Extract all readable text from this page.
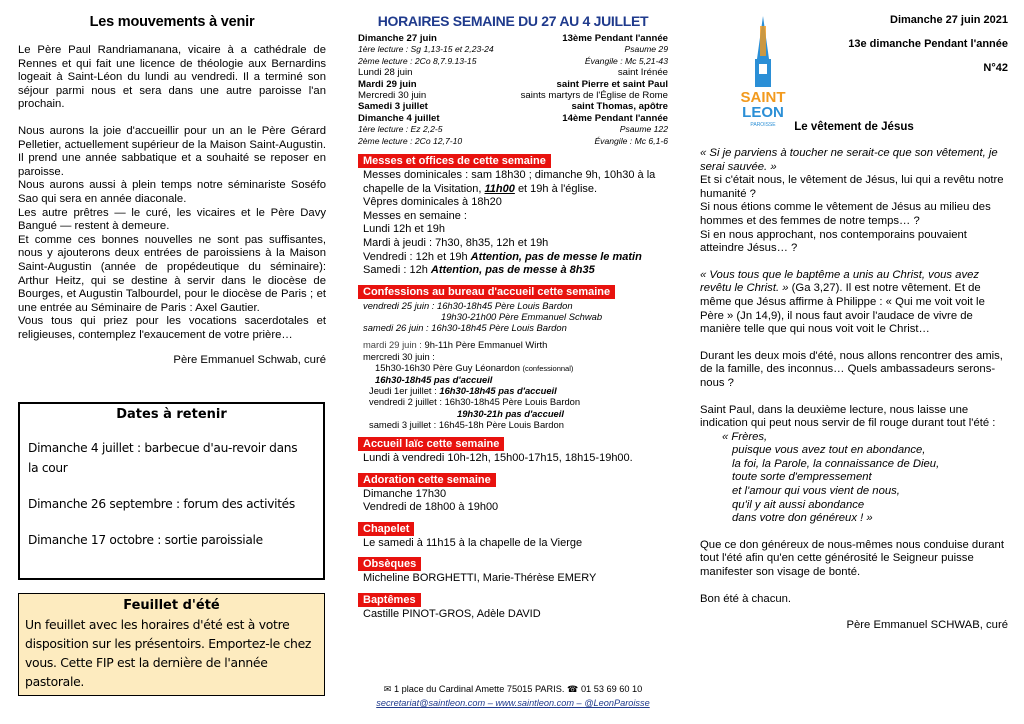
Les mouvements à venir

Le Père Paul Randriamanana, vicaire à a cathédrale de Rennes et qui fait une licence de théologie aux Bernardins logeait à Saint-Léon du lundi au vendredi. Il a terminé son séjour parmi nous et sera dans une autre paroisse l'an prochain.

Nous aurons la joie d'accueillir pour un an le Père Gérard Pelletier, actuellement supérieur de la Maison Saint-Augustin. Il prend une année sabbatique et a souhaité se reposer en paroisse.

Nous aurons aussi à plein temps notre séminariste Soséfo Sao qui sera en année diaconale.

Les autre prêtres — le curé, les vicaires et le Père Davy Bangué — restent à demeure.

Et comme ces bonnes nouvelles ne sont pas suffisantes, nous y ajouterons deux entrées de paroissiens à la Maison Saint-Augustin (année de propédeutique du séminaire): Arthur Heitz, qui se destine à servir dans le diocèse de Bourges, et Augustin Talbourdel, pour le diocèse de Paris ; et une entrée au Séminaire de Paris : Axel Gautier.

Vous tous qui priez pour les vocations sacerdotales et religieuses, contemplez l'exaucement de votre prière…

Père Emmanuel Schwab, curé

Dates à retenir
Dimanche 4 juillet : barbecue d'au-revoir dans la cour
Dimanche 26 septembre : forum des activités
Dimanche 17 octobre : sortie paroissiale
Feuillet d'été
Un feuillet avec les horaires d'été est à votre disposition sur les présentoirs. Emportez-le chez vous. Cette FIP est la dernière de l'année pastorale.
HORAIRES SEMAINE DU 27 AU 4 JUILLET
Dimanche 27 juin	13ème Pendant l'année
1ère lecture : Sg 1,13-15 et 2,23-24	Psaume 29
2ème lecture : 2Co 8,7.9.13-15	Évangile : Mc 5,21-43
Lundi 28 juin	saint Irénée
Mardi 29 juin	saint Pierre et saint Paul
Mercredi 30 juin	saints martyrs de l'Église de Rome
Samedi 3 juillet	saint Thomas, apôtre
Dimanche 4 juillet	14ème Pendant l'année
1ère lecture : Ez 2,2-5	Psaume 122
2ème lecture : 2Co 12,7-10	Évangile : Mc 6,1-6
Messes et offices de cette semaine
Messes dominicales : sam 18h30 ; dimanche 9h, 10h30 à la chapelle de la Visitation, 11h00 et 19h à l'église.
Vêpres dominicales à 18h20
Messes en semaine :
Lundi 12h et 19h
Mardi à jeudi : 7h30, 8h35, 12h et 19h
Vendredi : 12h et 19h Attention, pas de messe le matin
Samedi : 12h Attention, pas de messe à 8h35
Confessions au bureau d'accueil cette semaine
vendredi 25 juin : 16h30-18h45 Père Louis Bardon
19h30-21h00 Père Emmanuel Schwab
samedi 26 juin : 16h30-18h45 Père Louis Bardon
mardi 29 juin : 9h-11h Père Emmanuel Wirth
mercredi 30 juin :
15h30-16h30 Père Guy Léonardon (confessionnal)
16h30-18h45 pas d'accueil
Jeudi 1er juillet : 16h30-18h45 pas d'accueil
vendredi 2 juillet : 16h30-18h45 Père Louis Bardon
19h30-21h pas d'accueil
samedi 3 juillet : 16h45-18h Père Louis Bardon
Accueil laïc cette semaine
Lundi à vendredi 10h-12h, 15h00-17h15, 18h15-19h00.
Adoration cette semaine
Dimanche 17h30
Vendredi de 18h00 à 19h00
Chapelet
Le samedi à 11h15 à la chapelle de la Vierge
Obsèques
Micheline BORGHETTI, Marie-Thérèse EMERY
Baptêmes
Castille PINOT-GROS, Adèle DAVID
✉ 1 place du Cardinal Amette 75015 PARIS. ☎ 01 53 69 60 10
secretariat@saintleon.com – www.saintleon.com – @LeonParoisse
SAINT
LEON
PAROISSE
Dimanche 27 juin 2021
13e dimanche Pendant l'année
N°42
Le vêtement de Jésus
« Si je parviens à toucher ne serait-ce que son vêtement, je serai sauvée. »
Et si c'était nous, le vêtement de Jésus, lui qui a revêtu notre humanité ?
Si nous étions comme le vêtement de Jésus au milieu des hommes et des femmes de notre temps… ?
Si en nous approchant, nos contemporains pouvaient atteindre Jésus… ?
« Vous tous que le baptême a unis au Christ, vous avez revêtu le Christ. » (Ga 3,27). Il est notre vêtement. Et de même que Jésus affirme à Philippe : « Qui me voit voit le Père » (Jn 14,9), il nous faut avoir l'audace de vivre de manière telle que qui nous voit voit le Christ…
Durant les deux mois d'été, nous allons rencontrer des amis, de la famille, des inconnus… Quels ambassadeurs serons-nous ?
Saint Paul, dans la deuxième lecture, nous laisse une indication qui peut nous servir de fil rouge durant tout l'été :
« Frères,
puisque vous avez tout en abondance,
la foi, la Parole, la connaissance de Dieu,
toute sorte d'empressement
et l'amour qui vous vient de nous,
qu'il y ait aussi abondance
dans votre don généreux ! »
Que ce don généreux de nous-mêmes nous conduise durant tout l'été afin qu'en cette générosité le Seigneur puisse manifester son visage de bonté.
Bon été à chacun.
Père Emmanuel SCHWAB, curé
